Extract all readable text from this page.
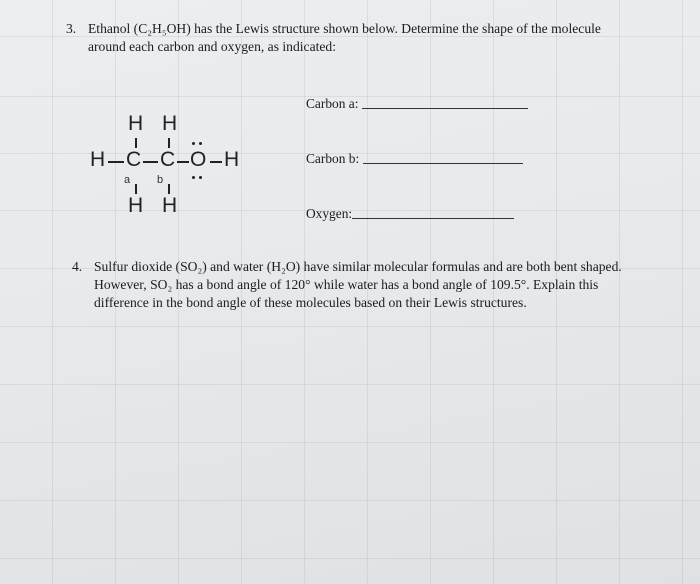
3. Ethanol (C₂H₅OH) has the Lewis structure shown below. Determine the shape of the molecule
around each carbon and oxygen, as indicated:
H H
H C C O H
a b
H H
Carbon a:
Carbon b:
Oxygen:
4. Sulfur dioxide (SO₂) and water (H₂O) have similar molecular formulas and are both bent shaped.
However, SO₂ has a bond angle of 120° while water has a bond angle of 109.5°. Explain this
difference in the bond angle of these molecules based on their Lewis structures.
